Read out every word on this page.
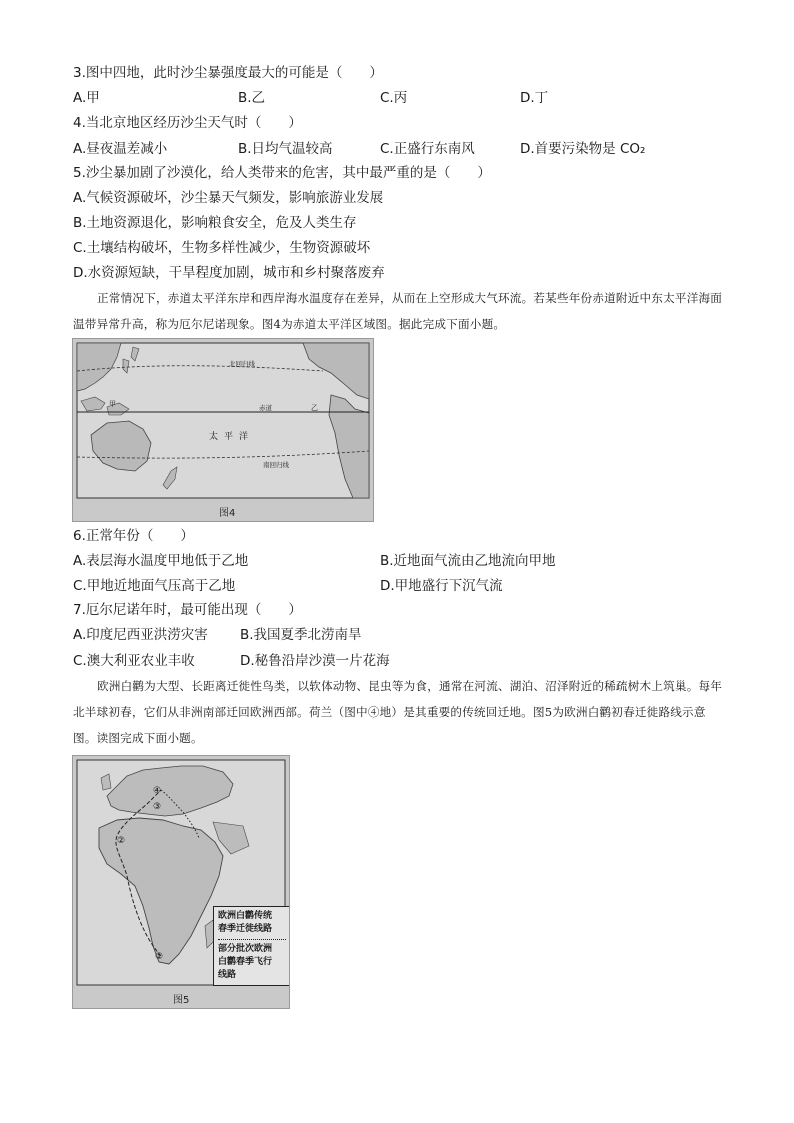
3.图中四地，此时沙尘暴强度最大的可能是（　　）
A.甲	B.乙	C.丙	D.丁
4.当北京地区经历沙尘天气时（　　）
A.昼夜温差减小	B.日均气温较高	C.正盛行东南风	D.首要污染物是 CO₂
5.沙尘暴加剧了沙漠化，给人类带来的危害，其中最严重的是（　　）
A.气候资源破坏，沙尘暴天气频发，影响旅游业发展
B.土地资源退化，影响粮食安全，危及人类生存
C.土壤结构破坏，生物多样性减少，生物资源破坏
D.水资源短缺，干旱程度加剧，城市和乡村聚落废弃
正常情况下，赤道太平洋东岸和西岸海水温度存在差异，从而在上空形成大气环流。若某些年份赤道附近中东太平洋海面温带异常升高，称为厄尔尼诺现象。图4为赤道太平洋区域图。据此完成下面小题。
北回归线
赤道
南回归线
甲	乙
太平洋
图4
6.正常年份（　　）
A.表层海水温度甲地低于乙地	B.近地面气流由乙地流向甲地
C.甲地近地面气压高于乙地	D.甲地盛行下沉气流
7.厄尔尼诺年时，最可能出现（　　）
A.印度尼西亚洪涝灾害 B.我国夏季北涝南旱
C.澳大利亚农业丰收	D.秘鲁沿岸沙漠一片花海
欧洲白鹳为大型、长距离迁徙性鸟类，以软体动物、昆虫等为食，通常在河流、湖泊、沼泽附近的稀疏树木上筑巢。每年北半球初春，它们从非洲南部迁回欧洲西部。荷兰（图中④地）是其重要的传统回迁地。图5为欧洲白鹳初春迁徙路线示意图。读图完成下面小题。
①
②
③
④
欧洲白鹳传统
春季迁徙线路
部分批次欧洲
白鹳春季飞行
线路
图5
